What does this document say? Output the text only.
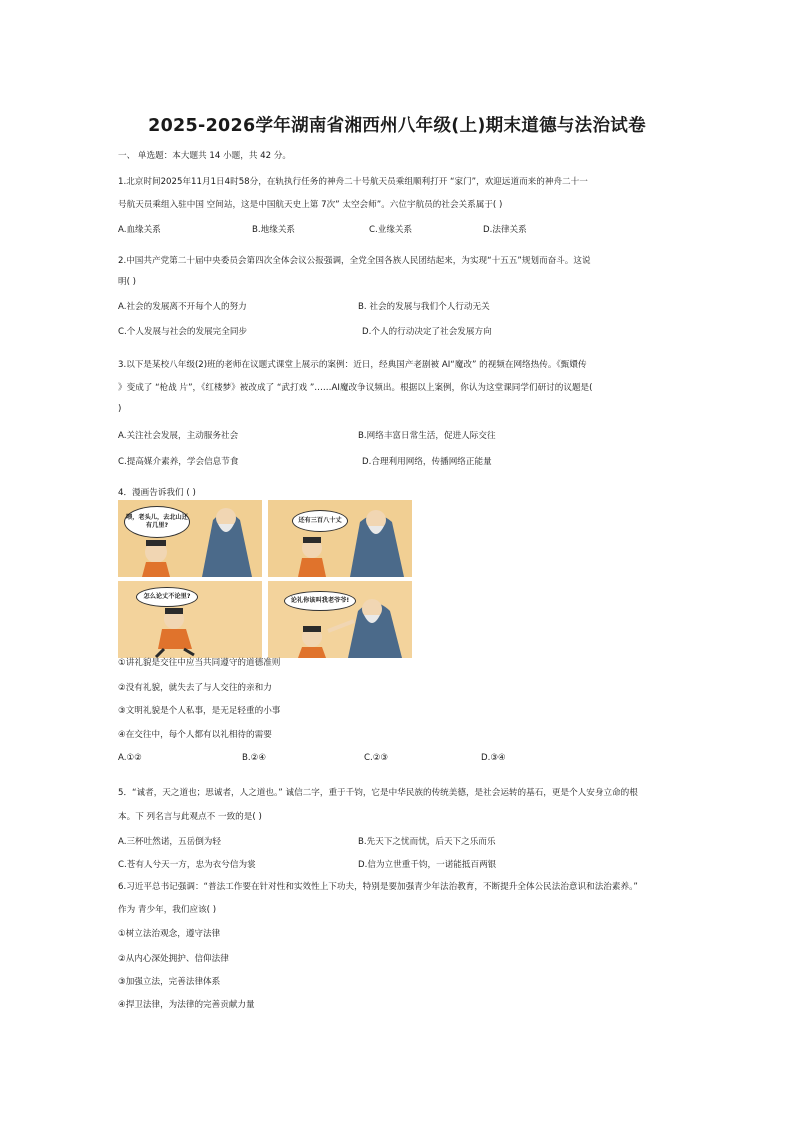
2025-2026学年湖南省湘西州八年级(上)期末道德与法治试卷
一、 单选题：本大题共 14 小题，共 42 分。
1.北京时间2025年11月1日4时58分，在轨执行任务的神舟二十号航天员乘组顺利打开 “家门”，欢迎远道而来的神舟二十一
号航天员乘组入驻中国 空间站，这是中国航天史上第 7次” 太空会师”。六位宇航员的社会关系属于( )
A.血缘关系	B.地缘关系	C.业缘关系	D.法律关系
2.中国共产党第二十届中央委员会第四次全体会议公报强调，全党全国各族人民团结起来，为实现“十五五”规划而奋斗。这说
明( )
A.社会的发展离不开每个人的努力	B. 社会的发展与我们个人行动无关
C.个人发展与社会的发展完全同步	D.个人的行动决定了社会发展方向
3.以下是某校八年级(2)班的老师在议题式课堂上展示的案例：近日，经典国产老剧被 AI“魔改” 的视频在网络热传。《甄嬛传
》变成了 “枪战 片”，《红楼梦》被改成了 “武打戏 ”……AI魔改争议频出。根据以上案例，你认为这堂课同学们研讨的议题是(
)
A.关注社会发展，主动服务社会	B.网络丰富日常生活，促进人际交往
C.提高媒介素养，学会信息节食	D.合理利用网络，传播网络正能量
4．漫画告诉我们 ( )
喂，老头儿，去北山还有几里?
还有三百八十丈
怎么论丈不论里?
论礼你该叫我老爷爷!
①讲礼貌是交往中应当共同遵守的道德准则
②没有礼貌，就失去了与人交往的亲和力
③文明礼貌是个人私事，是无足轻重的小事
④在交往中，每个人都有以礼相待的需要
A.①②	B.②④	C.②③	D.③④
5．“诚者，天之道也；思诚者，人之道也。” 诚信二字，重于千钧，它是中华民族的传统美德，是社会运转的基石，更是个人安身立命的根
本。下 列名言与此观点不 一致的是( )
A.三杯吐然诺，五岳倒为轻	B.先天下之忧而忧，后天下之乐而乐
C.苍有人兮天一方，忠为衣兮信为裳	D.信为立世重千钧，一诺能抵百两银
6.习近平总书记强调：“普法工作要在针对性和实效性上下功夫，特别是要加强青少年法治教育，不断提升全体公民法治意识和法治素养。”
作为 青少年，我们应该( )
①树立法治观念，遵守法律
②从内心深处拥护、信仰法律
③加强立法，完善法律体系
④捍卫法律，为法律的完善贡献力量
